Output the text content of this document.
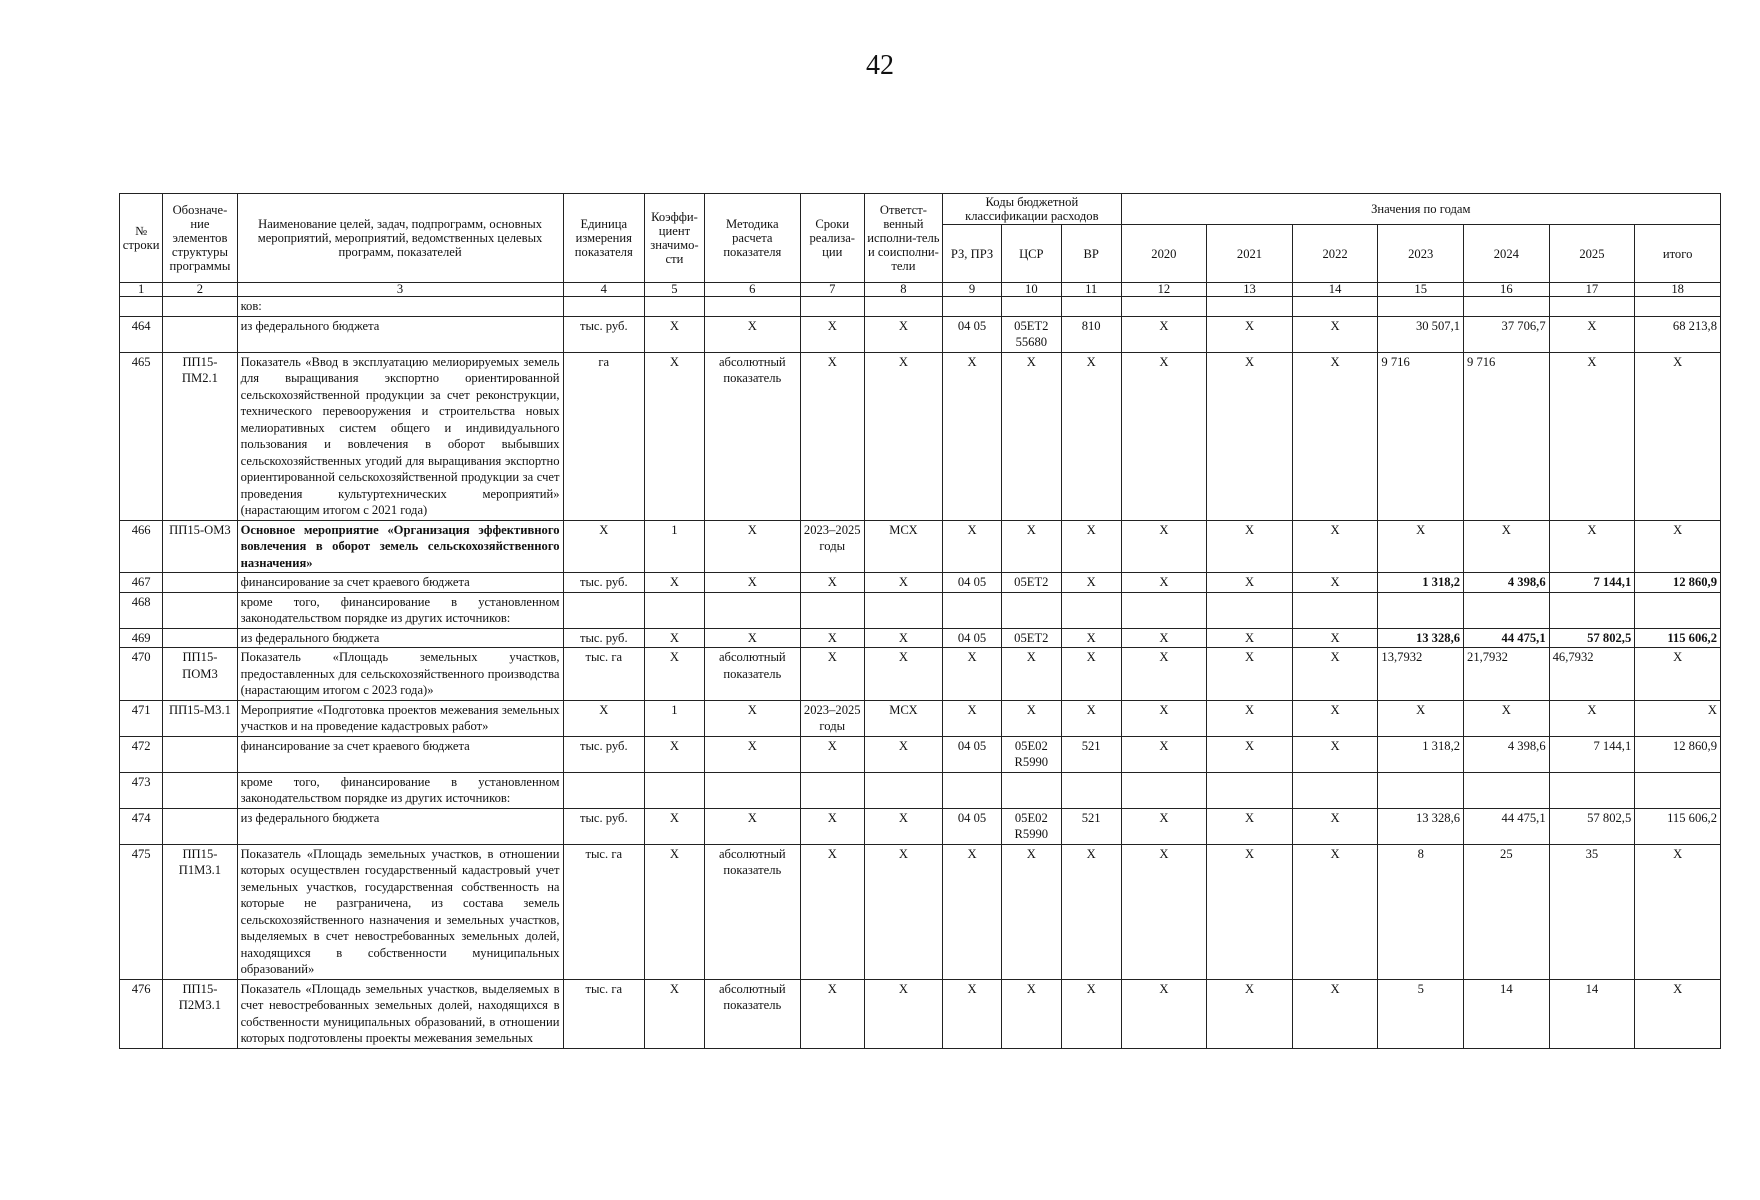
42
№ строки	Обозначе-ние элементов структуры программы	Наименование целей, задач, подпрограмм, основных мероприятий, мероприятий, ведомственных целевых программ, показателей	Единица измерения показателя	Коэффи-циент значимо-сти	Методика расчета показателя	Сроки реализа-ции	Ответст-венный исполни-тель и соисполни-тели	Коды бюджетной классификации расходов			Значения по годам						
								РЗ, ПРЗ	ЦСР	ВР	2020	2021	2022	2023	2024	2025	итого
1	2	3	4	5	6	7	8	9	10	11	12	13	14	15	16	17	18
		ков:															
464		из федерального бюджета	тыс. руб.	Х	Х	Х	Х	04 05	05ЕТ2 55680	810	Х	Х	Х	30 507,1	37 706,7	Х	68 213,8
465	ПП15-ПМ2.1	Показатель «Ввод в эксплуатацию мелиорируемых земель для выращивания экспортно ориентированной сельскохозяйственной продукции за счет реконструкции, технического перевооружения и строительства новых мелиоративных систем общего и индивидуального пользования и вовлечения в оборот выбывших сельскохозяйственных угодий для выращивания экспортно ориентированной сельскохозяйственной продукции за счет проведения культуртехнических мероприятий» (нарастающим итогом с 2021 года)	га	Х	абсолютный показатель	Х	Х	Х	Х	Х	Х	Х	Х	9 716	9 716	Х	Х
466	ПП15-ОМ3	Основное мероприятие «Организация эффективного вовлечения в оборот земель сельскохозяйственного назначения»	Х	1	Х	2023–2025 годы	МСХ	Х	Х	Х	Х	Х	Х	Х	Х	Х	Х
467		финансирование за счет краевого бюджета	тыс. руб.	Х	Х	Х	Х	04 05	05ЕТ2	Х	Х	Х	Х	1 318,2	4 398,6	7 144,1	12 860,9
468		кроме того, финансирование в установленном законодательством порядке из других источников:															
469		из федерального бюджета	тыс. руб.	Х	Х	Х	Х	04 05	05ЕТ2	Х	Х	Х	Х	13 328,6	44 475,1	57 802,5	115 606,2
470	ПП15-ПОМ3	Показатель «Площадь земельных участков, предоставленных для сельскохозяйственного производства (нарастающим итогом с 2023 года)»	тыс. га	Х	абсолютный показатель	Х	Х	Х	Х	Х	Х	Х	Х	13,7932	21,7932	46,7932	Х
471	ПП15-М3.1	Мероприятие «Подготовка проектов межевания земельных участков и на проведение кадастровых работ»	Х	1	Х	2023–2025 годы	МСХ	Х	Х	Х	Х	Х	Х	Х	Х	Х	Х
472		финансирование за счет краевого бюджета	тыс. руб.	Х	Х	Х	Х	04 05	05Е02 R5990	521	Х	Х	Х	1 318,2	4 398,6	7 144,1	12 860,9
473		кроме того, финансирование в установленном законодательством порядке из других источников:															
474		из федерального бюджета	тыс. руб.	Х	Х	Х	Х	04 05	05Е02 R5990	521	Х	Х	Х	13 328,6	44 475,1	57 802,5	115 606,2
475	ПП15-П1М3.1	Показатель «Площадь земельных участков, в отношении которых осуществлен государственный кадастровый учет земельных участков, государственная собственность на которые не разграничена, из состава земель сельскохозяйственного назначения и земельных участков, выделяемых в счет невостребованных земельных долей, находящихся в собственности муниципальных образований»	тыс. га	Х	абсолютный показатель	Х	Х	Х	Х	Х	Х	Х	Х	8	25	35	Х
476	ПП15-П2М3.1	Показатель «Площадь земельных участков, выделяемых в счет невостребованных земельных долей, находящихся в собственности муниципальных образований, в отношении которых подготовлены проекты межевания земельных	тыс. га	Х	абсолютный показатель	Х	Х	Х	Х	Х	Х	Х	Х	5	14	14	Х
